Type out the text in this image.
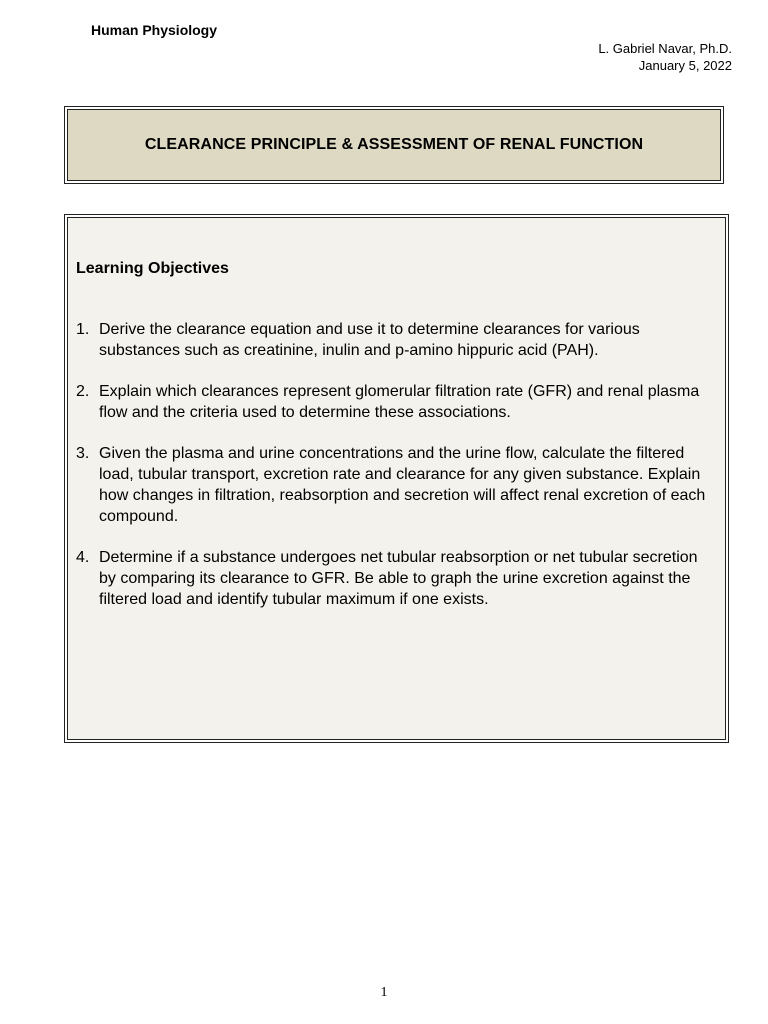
Human Physiology
L. Gabriel Navar, Ph.D.
January 5, 2022
CLEARANCE PRINCIPLE & ASSESSMENT OF RENAL FUNCTION
Learning Objectives
1. Derive the clearance equation and use it to determine clearances for various substances such as creatinine, inulin and p-amino hippuric acid (PAH).
2. Explain which clearances represent glomerular filtration rate (GFR) and renal plasma flow and the criteria used to determine these associations.
3. Given the plasma and urine concentrations and the urine flow, calculate the filtered load, tubular transport, excretion rate and clearance for any given substance. Explain how changes in filtration, reabsorption and secretion will affect renal excretion of each compound.
4. Determine if a substance undergoes net tubular reabsorption or net tubular secretion by comparing its clearance to GFR. Be able to graph the urine excretion against the filtered load and identify tubular maximum if one exists.
1
